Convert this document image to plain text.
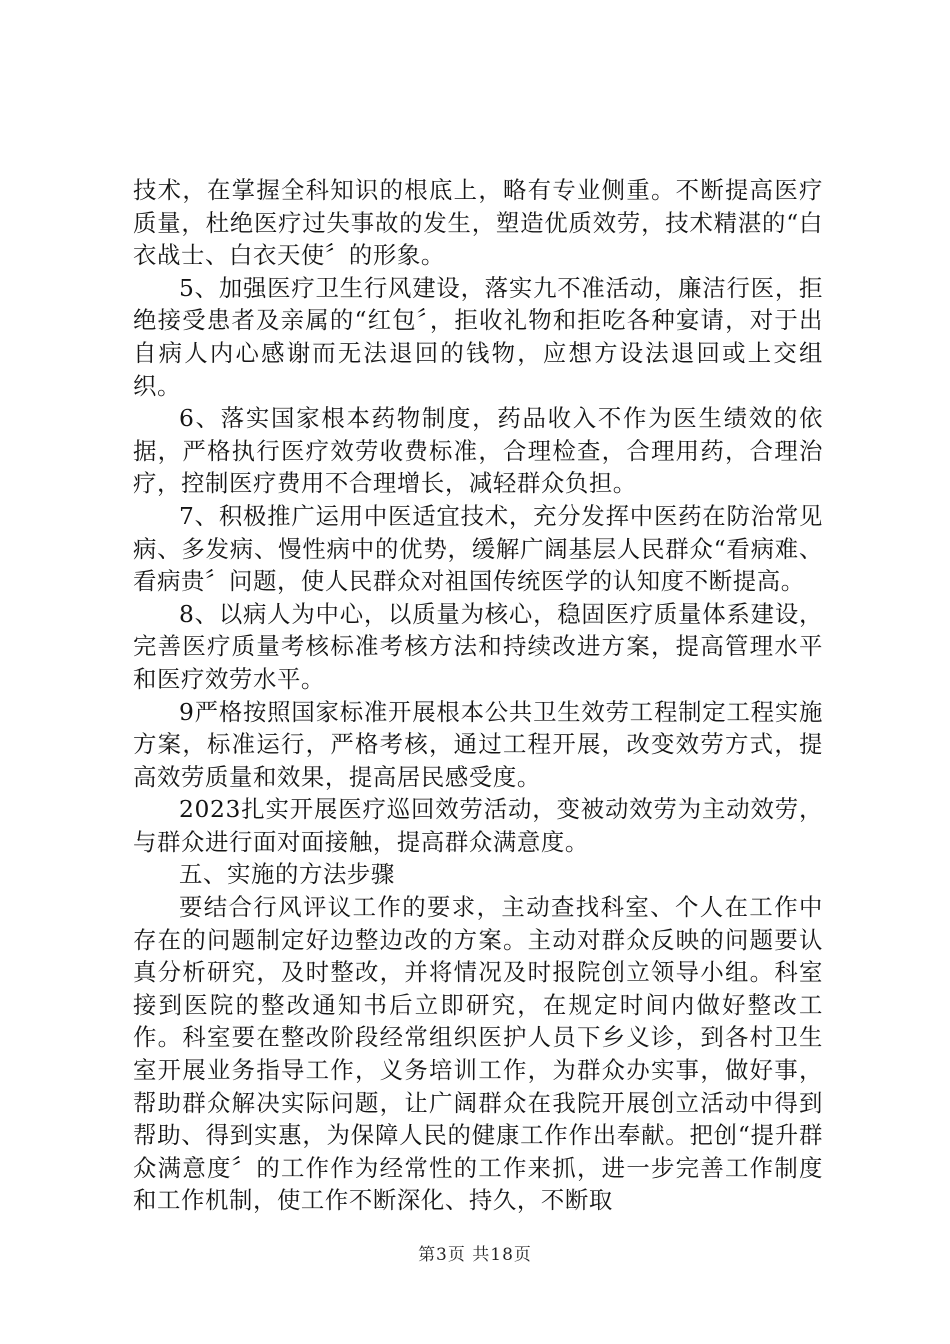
技术，在掌握全科知识的根底上，略有专业侧重。不断提高医疗质量，杜绝医疗过失事故的发生，塑造优质效劳，技术精湛的“白衣战士、白衣天使〞的形象。

5、加强医疗卫生行风建设，落实九不准活动，廉洁行医，拒绝接受患者及亲属的“红包〞，拒收礼物和拒吃各种宴请，对于出自病人内心感谢而无法退回的钱物，应想方设法退回或上交组织。

6、落实国家根本药物制度，药品收入不作为医生绩效的依据，严格执行医疗效劳收费标准，合理检查，合理用药，合理治疗，控制医疗费用不合理增长，减轻群众负担。

7、积极推广运用中医适宜技术，充分发挥中医药在防治常见病、多发病、慢性病中的优势，缓解广阔基层人民群众“看病难、看病贵〞问题，使人民群众对祖国传统医学的认知度不断提高。

8、以病人为中心，以质量为核心，稳固医疗质量体系建设，完善医疗质量考核标准考核方法和持续改进方案，提高管理水平和医疗效劳水平。

9严格按照国家标准开展根本公共卫生效劳工程制定工程实施方案，标准运行，严格考核，通过工程开展，改变效劳方式，提高效劳质量和效果，提高居民感受度。

2023扎实开展医疗巡回效劳活动，变被动效劳为主动效劳，与群众进行面对面接触，提高群众满意度。

五、实施的方法步骤

要结合行风评议工作的要求，主动查找科室、个人在工作中存在的问题制定好边整边改的方案。主动对群众反映的问题要认真分析研究，及时整改，并将情况及时报院创立领导小组。科室接到医院的整改通知书后立即研究，在规定时间内做好整改工作。科室要在整改阶段经常组织医护人员下乡义诊，到各村卫生室开展业务指导工作，义务培训工作，为群众办实事，做好事，帮助群众解决实际问题，让广阔群众在我院开展创立活动中得到帮助、得到实惠，为保障人民的健康工作作出奉献。把创“提升群众满意度〞的工作作为经常性的工作来抓，进一步完善工作制度和工作机制，使工作不断深化、持久，不断取

第3页 共18页
